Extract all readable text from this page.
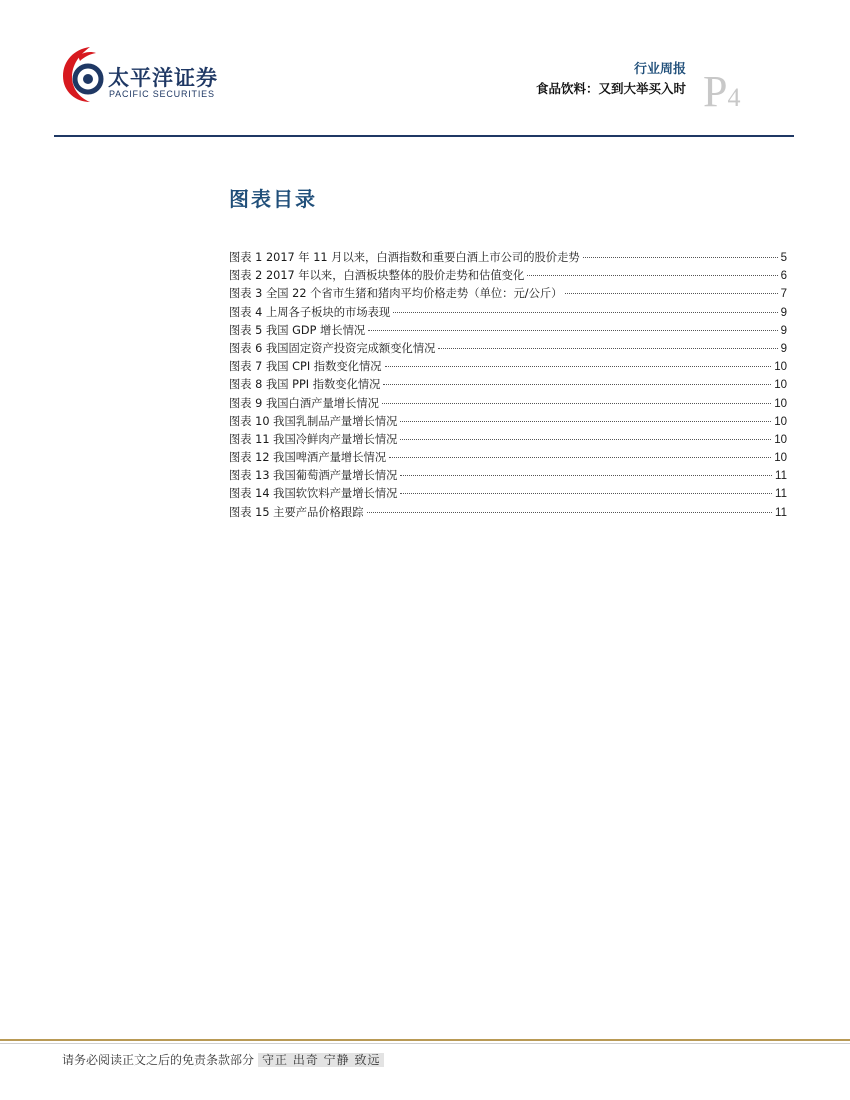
太平洋证券
PACIFIC SECURITIES
行业周报
食品饮料：又到大举买入时 P4
图表目录
图表 1 2017 年 11 月以来，白酒指数和重要白酒上市公司的股价走势	5
图表 2 2017 年以来，白酒板块整体的股价走势和估值变化	6
图表 3 全国 22 个省市生猪和猪肉平均价格走势（单位：元/公斤）	7
图表 4 上周各子板块的市场表现	9
图表 5 我国 GDP 增长情况	9
图表 6 我国固定资产投资完成额变化情况	9
图表 7 我国 CPI 指数变化情况	10
图表 8 我国 PPI 指数变化情况	10
图表 9 我国白酒产量增长情况	10
图表 10 我国乳制品产量增长情况	10
图表 11 我国冷鲜肉产量增长情况	10
图表 12 我国啤酒产量增长情况	10
图表 13 我国葡萄酒产量增长情况	11
图表 14 我国软饮料产量增长情况	11
图表 15 主要产品价格跟踪	11
请务必阅读正文之后的免责条款部分 守正 出奇 宁静 致远
